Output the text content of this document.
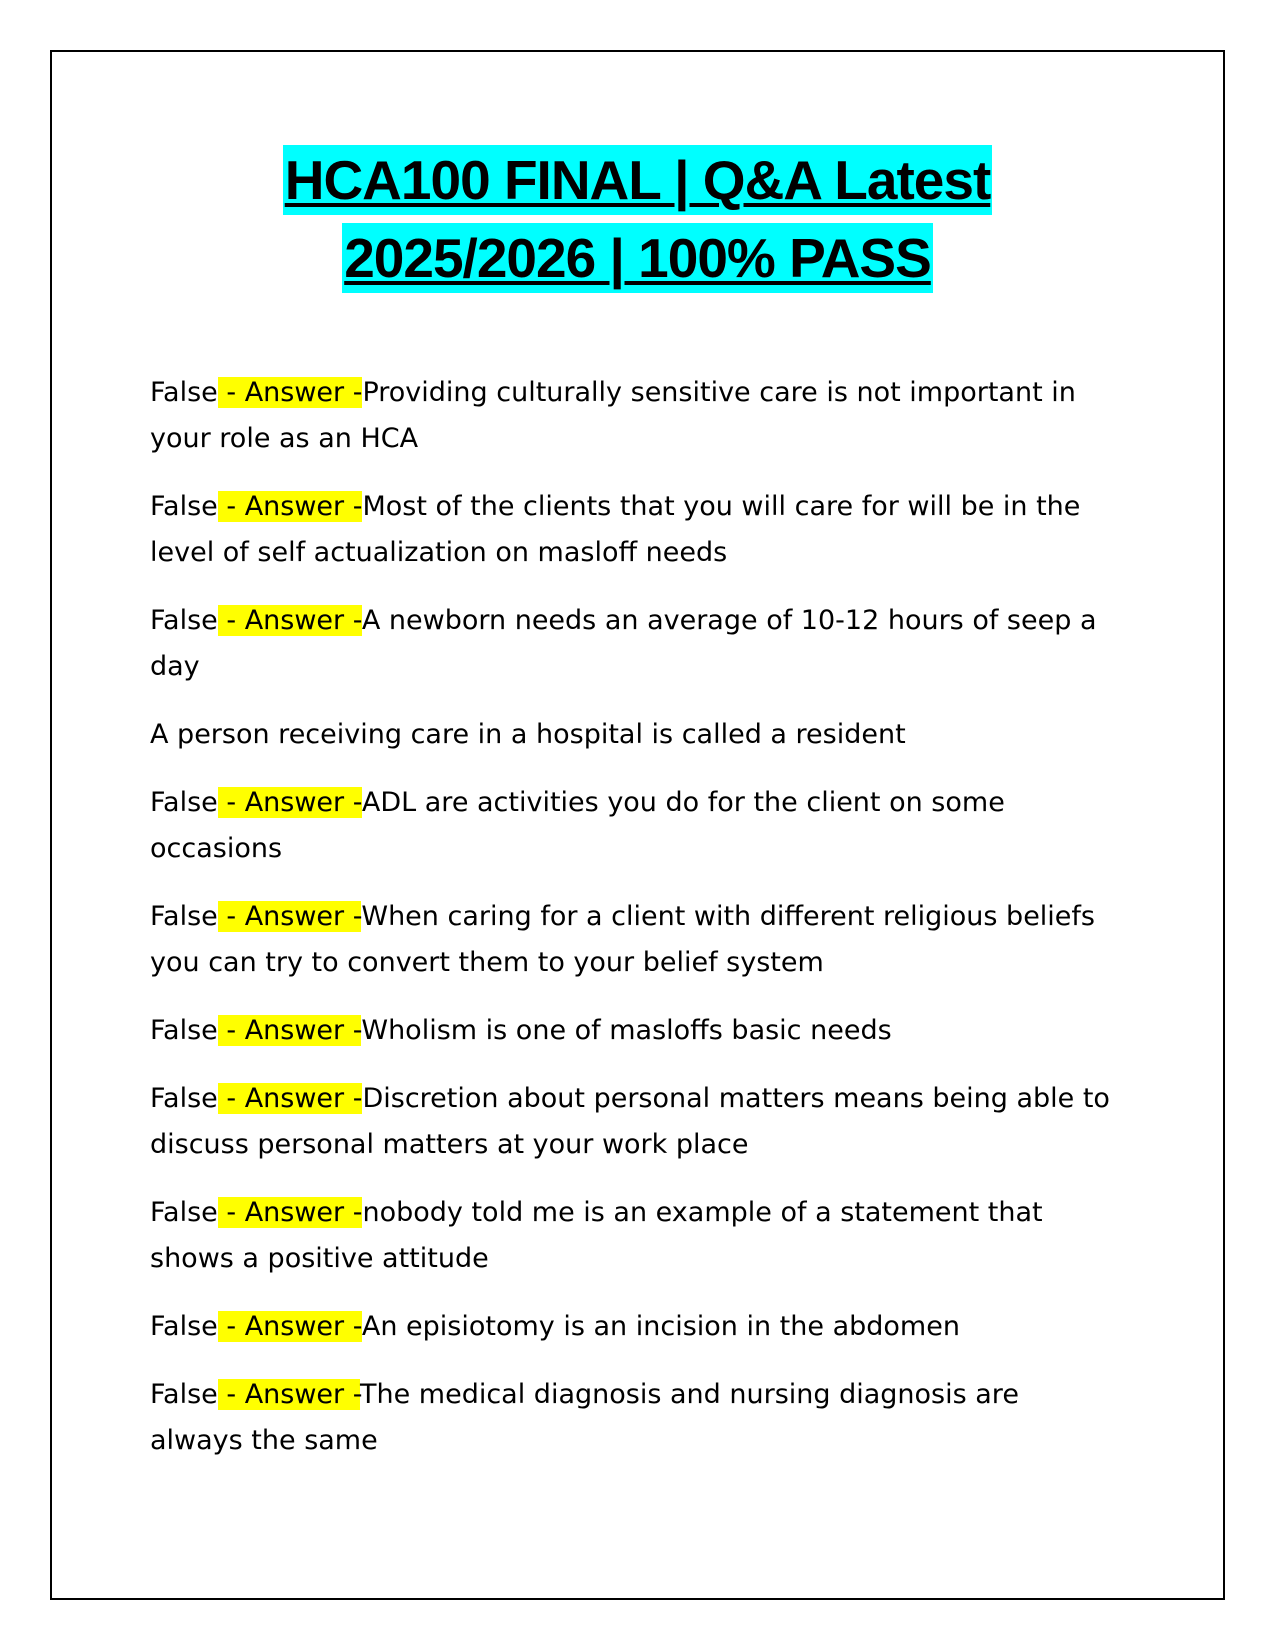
HCA100 FINAL | Q&A Latest
2025/2026 | 100% PASS

False - Answer -Providing culturally sensitive care is not important in your role as an HCA

False - Answer -Most of the clients that you will care for will be in the level of self actualization on masloff needs

False - Answer -A newborn needs an average of 10-12 hours of seep a day

A person receiving care in a hospital is called a resident

False - Answer -ADL are activities you do for the client on some occasions

False - Answer -When caring for a client with different religious beliefs you can try to convert them to your belief system

False - Answer -Wholism is one of masloffs basic needs

False - Answer -Discretion about personal matters means being able to discuss personal matters at your work place

False - Answer -nobody told me is an example of a statement that shows a positive attitude

False - Answer -An episiotomy is an incision in the abdomen

False - Answer -The medical diagnosis and nursing diagnosis are always the same
